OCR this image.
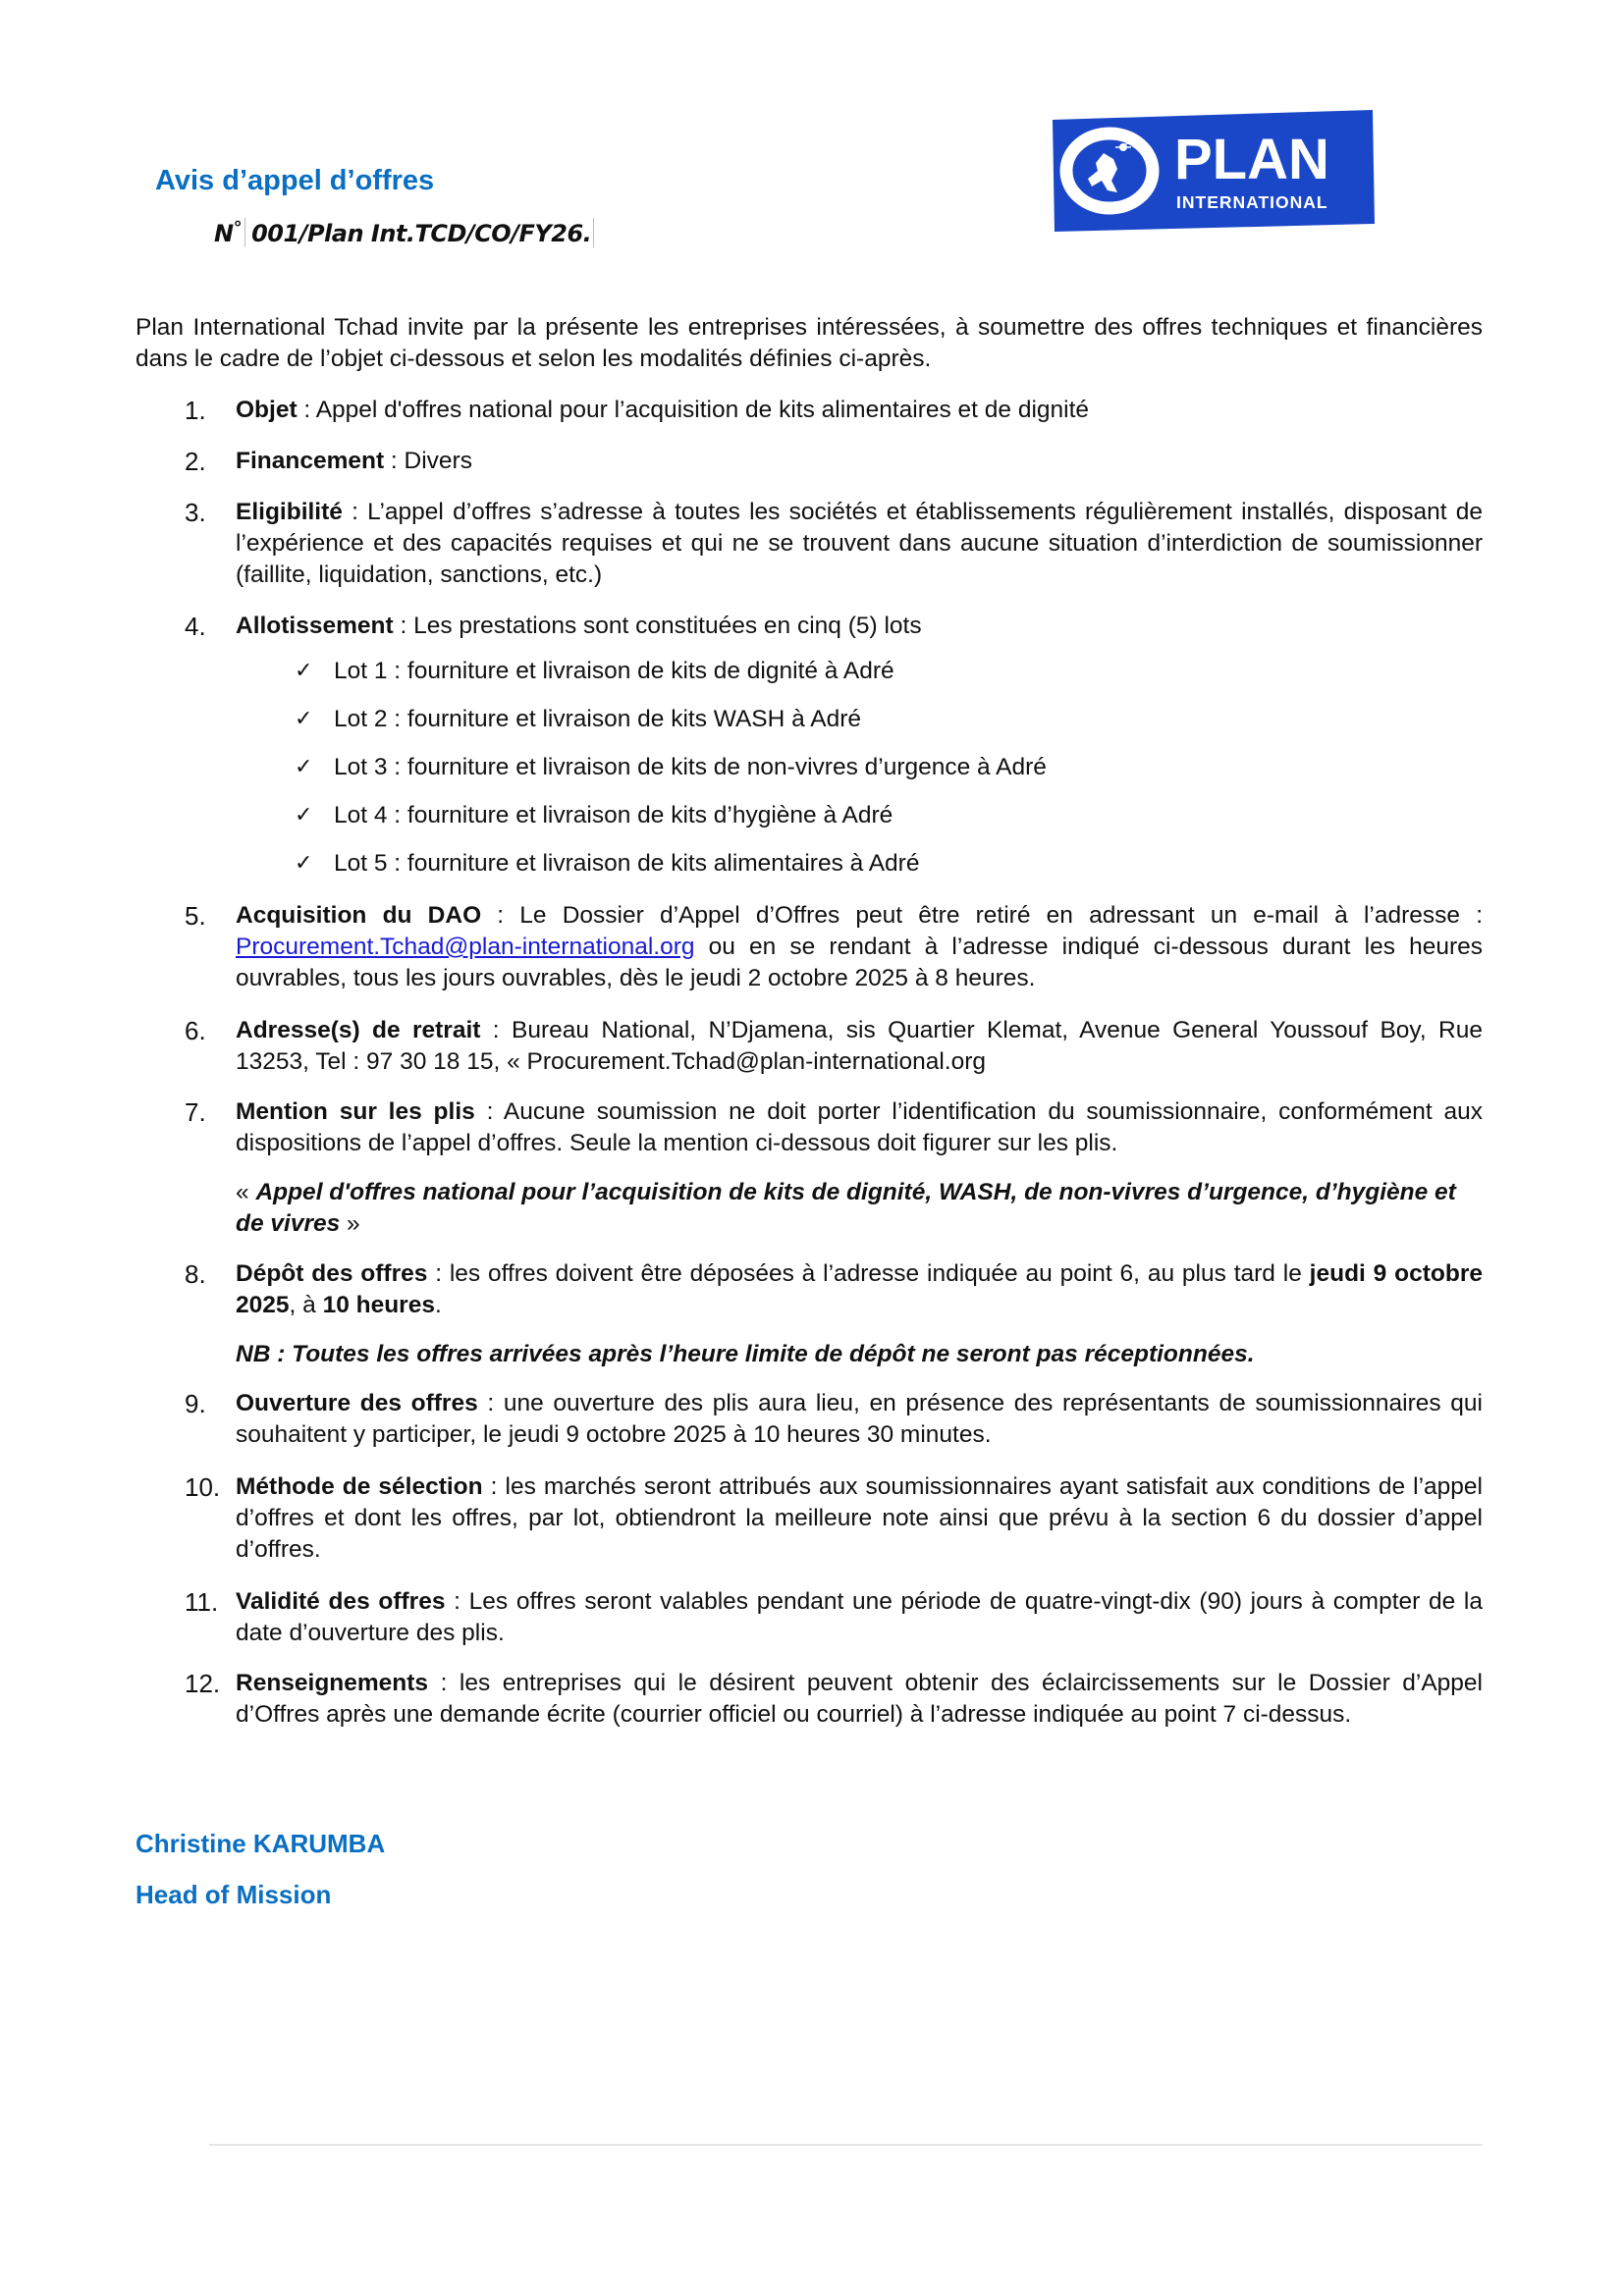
Avis d’appel d’offres
N° 001/Plan Int.TCD/CO/FY26.
PLAN
INTERNATIONAL
Plan International Tchad invite par la présente les entreprises intéressées, à soumettre des offres techniques et financières dans le cadre de l’objet ci-dessous et selon les modalités définies ci-après.
1. Objet : Appel d'offres national pour l’acquisition de kits alimentaires et de dignité
2. Financement : Divers
3. Eligibilité : L’appel d’offres s’adresse à toutes les sociétés et établissements régulièrement installés, disposant de l’expérience et des capacités requises et qui ne se trouvent dans aucune situation d’interdiction de soumissionner (faillite, liquidation, sanctions, etc.)
4. Allotissement : Les prestations sont constituées en cinq (5) lots
✓ Lot 1 : fourniture et livraison de kits de dignité à Adré
✓ Lot 2 : fourniture et livraison de kits WASH à Adré
✓ Lot 3 : fourniture et livraison de kits de non-vivres d’urgence à Adré
✓ Lot 4 : fourniture et livraison de kits d’hygiène à Adré
✓ Lot 5 : fourniture et livraison de kits alimentaires à Adré
5. Acquisition du DAO : Le Dossier d’Appel d’Offres peut être retiré en adressant un e-mail à l’adresse : Procurement.Tchad@plan-international.org ou en se rendant à l’adresse indiqué ci-dessous durant les heures ouvrables, tous les jours ouvrables, dès le jeudi 2 octobre 2025 à 8 heures.
6. Adresse(s) de retrait : Bureau National, N’Djamena, sis Quartier Klemat, Avenue General Youssouf Boy, Rue 13253, Tel : 97 30 18 15, « Procurement.Tchad@plan-international.org
7. Mention sur les plis : Aucune soumission ne doit porter l’identification du soumissionnaire, conformément aux dispositions de l’appel d’offres. Seule la mention ci-dessous doit figurer sur les plis.
« Appel d'offres national pour l’acquisition de kits de dignité, WASH, de non-vivres d’urgence, d’hygiène et de vivres »
8. Dépôt des offres : les offres doivent être déposées à l’adresse indiquée au point 6, au plus tard le jeudi 9 octobre 2025, à 10 heures.
NB : Toutes les offres arrivées après l’heure limite de dépôt ne seront pas réceptionnées.
9. Ouverture des offres : une ouverture des plis aura lieu, en présence des représentants de soumissionnaires qui souhaitent y participer, le jeudi 9 octobre 2025 à 10 heures 30 minutes.
10. Méthode de sélection : les marchés seront attribués aux soumissionnaires ayant satisfait aux conditions de l’appel d’offres et dont les offres, par lot, obtiendront la meilleure note ainsi que prévu à la section 6 du dossier d’appel d’offres.
11. Validité des offres : Les offres seront valables pendant une période de quatre-vingt-dix (90) jours à compter de la date d’ouverture des plis.
12. Renseignements : les entreprises qui le désirent peuvent obtenir des éclaircissements sur le Dossier d’Appel d’Offres après une demande écrite (courrier officiel ou courriel) à l’adresse indiquée au point 7 ci-dessus.
Christine KARUMBA
Head of Mission
